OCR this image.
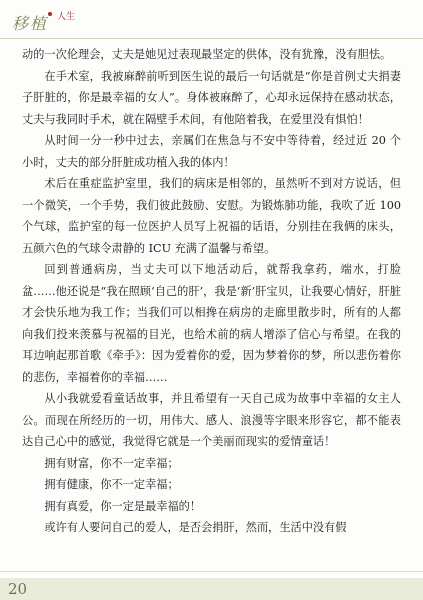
移植 人生

动的一次伦理会，丈夫是她见过表现最坚定的供体，没有犹豫，没有胆怯。

在手术室，我被麻醉前听到医生说的最后一句话就是“你是首例丈夫捐妻子肝脏的，你是最幸福的女人”。身体被麻醉了，心却永远保持在感动状态，丈夫与我同时手术，就在隔壁手术间，有他陪着我，在爱里没有惧怕！

从时间一分一秒中过去，亲属们在焦急与不安中等待着，经过近 20 个小时，丈夫的部分肝脏成功植入我的体内！

术后在重症监护室里，我们的病床是相邻的，虽然听不到对方说话，但一个微笑，一个手势，我们彼此鼓励、安慰。为锻炼肺功能，我吹了近 100 个气球，监护室的每一位医护人员写上祝福的话语，分别挂在我俩的床头，五颜六色的气球令肃静的 ICU 充满了温馨与希望。

回到普通病房，当丈夫可以下地活动后，就帮我拿药，端水，打脸盆……他还说是“我在照顾‘自己的肝’，我是‘新’肝宝贝，让我要心情好，肝脏才会快乐地为我工作；当我们可以相搀在病房的走廊里散步时，所有的人都向我们投来羡慕与祝福的目光，也给术前的病人增添了信心与希望。在我的耳边响起那首歌《牵手》：因为爱着你的爱，因为梦着你的梦，所以悲伤着你的悲伤，幸福着你的幸福……

从小我就爱看童话故事，并且希望有一天自己成为故事中幸福的女主人公。而现在所经历的一切，用伟大、感人、浪漫等字眼来形容它，都不能表达自己心中的感觉，我觉得它就是一个美丽而现实的爱情童话！

拥有财富，你不一定幸福；

拥有健康，你不一定幸福；

拥有真爱，你一定是最幸福的！

或许有人要问自己的爱人，是否会捐肝，然而，生活中没有假

20
